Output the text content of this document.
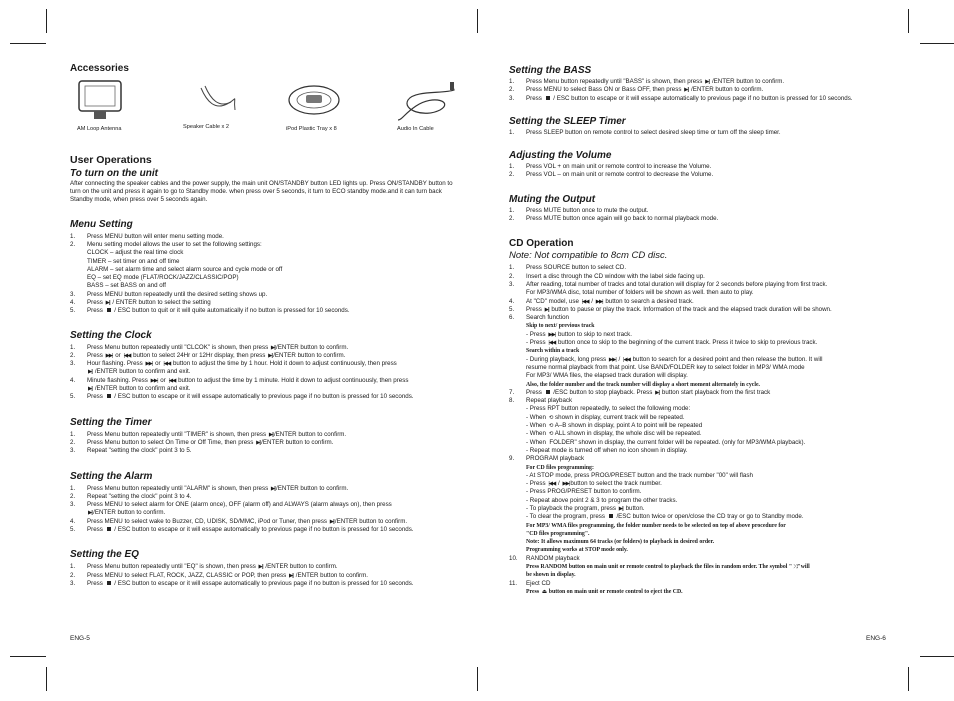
Accessories

AM Loop Antenna	Speaker Cable x 2	iPod Plastic Tray x 8	Audio In Cable

User Operations

To turn on the unit

After connecting the speaker cables and the power supply, the main unit ON/STANDBY button LED lights up. Press ON/STANDBY button to turn on the unit and press it again to go to Standby mode. when press over 5 seconds, it turn to ECO standby mode.and it can turn back Standby mode, when press over 5 seconds again.

Menu Setting

1.	Press MENU button will enter menu setting mode.
2.	Menu setting model allows the user to set the following settings:
CLOCK – adjust the real time clock
TIMER – set timer on and off time
ALARM – set alarm time and select alarm source and cycle mode or off
EQ – set EQ mode (FLAT/ROCK/JAZZ/CLASSIC/POP)
BASS – set BASS on and off
3.	Press MENU button repeatedly until the desired setting shows up.
4.	Press ▶|| / ENTER button to select the setting
5.	Press / ESC button to quit or it will quite automatically if no button is pressed for 10 seconds.

Setting the Clock

1.	Press Menu button repeatedly until "CLCOK" is shown, then press ▶||/ENTER button to confirm.
2.	Press ▶▶| or |◀◀ button to select 24Hr or 12Hr display, then press ▶||/ENTER button to confirm.
3.	Hour flashing. Press ▶▶| or |◀◀ button to adjust the time by 1 hour. Hold it down to adjust continuously, then press
▶|| /ENTER button to confirm and exit.
4.	Minute flashing. Press ▶▶| or |◀◀ button to adjust the time by 1 minute. Hold it down to adjust continuously, then press
▶|| /ENTER button to confirm and exit.
5.	Press / ESC button to escape or it will essape automatically to previous page if no button is pressed for 10 seconds.

Setting the Timer

1.	Press Menu button repeatedly until "TIMER" is shown, then press ▶||/ENTER button to confirm.
2.	Press Menu button to select On Time or Off Time, then press ▶||/ENTER button to confirm.
3.	Repeat "setting the clock" point 3 to 5.

Setting the Alarm

1.	Press Menu button repeatedly until "ALARM" is shown, then press ▶||/ENTER button to confirm.
2.	Repeat "setting the clock" point 3 to 4.
3.	Press MENU to select alarm for ONE (alarm once), OFF (alarm off) and ALWAYS (alarm always on), then press
▶||/ENTER button to confirm.
4.	Press MENU to select wake to Buzzer, CD, UDISK, SD/MMC, iPod or Tuner, then press ▶||/ENTER button to confirm.
5.	Press / ESC button to escape or it will essape automatically to previous page if no button is pressed for 10 seconds.

Setting the EQ

1.	Press Menu button repeatedly until "EQ" is shown, then press ▶|| /ENTER button to confirm.
2.	Press MENU to select FLAT, ROCK, JAZZ, CLASSIC or POP, then press ▶|| /ENTER button to confirm.
3.	Press / ESC button to escape or it will essape automatically to previous page if no button is pressed for 10 seconds.
ENG-5

Setting the BASS

1.	Press Menu button repeatedly until "BASS" is shown, then press ▶|| /ENTER button to confirm.
2.	Press MENU to select Bass ON or Bass OFF, then press ▶|| /ENTER button to confirm.
3.	Press / ESC button to escape or it will essape automatically to previous page if no button is pressed for 10 seconds.

Setting the SLEEP Timer

1.	Press SLEEP button on remote control to select desired sleep time or turn off the sleep timer.

Adjusting the Volume

1.	Press VOL + on main unit or remote control to increase the Volume.
2.	Press VOL – on main unit or remote control to decrease the Volume.

Muting the Output

1.	Press MUTE button once to mute the output.
2.	Press MUTE button once again will go back to normal playback mode.

CD Operation

Note: Not compatible to 8cm CD disc.

1.	Press SOURCE button to select CD.
2.	Insert a disc through the CD window with the label side facing up.
3.	After reading, total number of tracks and total duration will display for 2 seconds before playing from first track.
For MP3/WMA disc, total number of folders will be shown as well. then auto to play.
4.	At "CD" model, use |◀◀ / ▶▶| button to search a desired track.
5.	Press ▶|| button to pause or play the track. Information of the track and the elapsed track duration will be shown.
6.	Search function
Skip to next/ previous track
- Press ▶▶| button to skip to next track.
- Press |◀◀ button once to skip to the beginning of the current track. Press it twice to skip to previous track.
Search within a track
- During playback, long press ▶▶| / |◀◀ button to search for a desired point and then release the button. It will
resume normal playback from that point. Use BAND/FOLDER key to select folder in MP3/ WMA mode
For MP3/ WMA files, the elapsed track duration will display.
Also, the folder number and the track number will display a short moment alternately in cycle.
7.	Press /ESC button to stop playback. Press ▶|| button start playback from the first track
8.	Repeat playback
- Press RPT button repeatedly, to select the following mode:
- When ⟲ shown in display, current track will be repeated.
- When ⟲ A–B shown in display, point A to point will be repeated
- When ⟲ ALL shown in display, the whole disc will be repeated.
- When  FOLDER" shown in display, the current folder will be repeated. (only for MP3/WMA playback).
- Repeat mode is turned off when no icon shown in display.
9.	PROGRAM playback
For CD files programming:
- At STOP mode, press PROG/PRESET button and the track number "00" will flash
- Press |◀◀ / ▶▶|button to select the track number.
- Press PROG/PRESET button to confirm.
- Repeat above point 2 & 3 to program the other tracks.
- To playback the program, press ▶|| button.
- To clear the program, press /ESC button twice or open/close the CD tray or go to Standby mode.
For MP3/ WMA files programming, the folder number needs to be selected on top of above procedure for
"CD files programming".
Note: It allows maximum 64 tracks (or folders) to playback in desired order.
Programming works at STOP mode only.
10.	RANDOM playback
Press RANDOM button on main unit or remote control to playback the files in random order. The symbol "⤨"will
be shown in display.
11.	Eject CD
Press ⏏ button on main unit or remote control to eject the CD.
ENG-6
